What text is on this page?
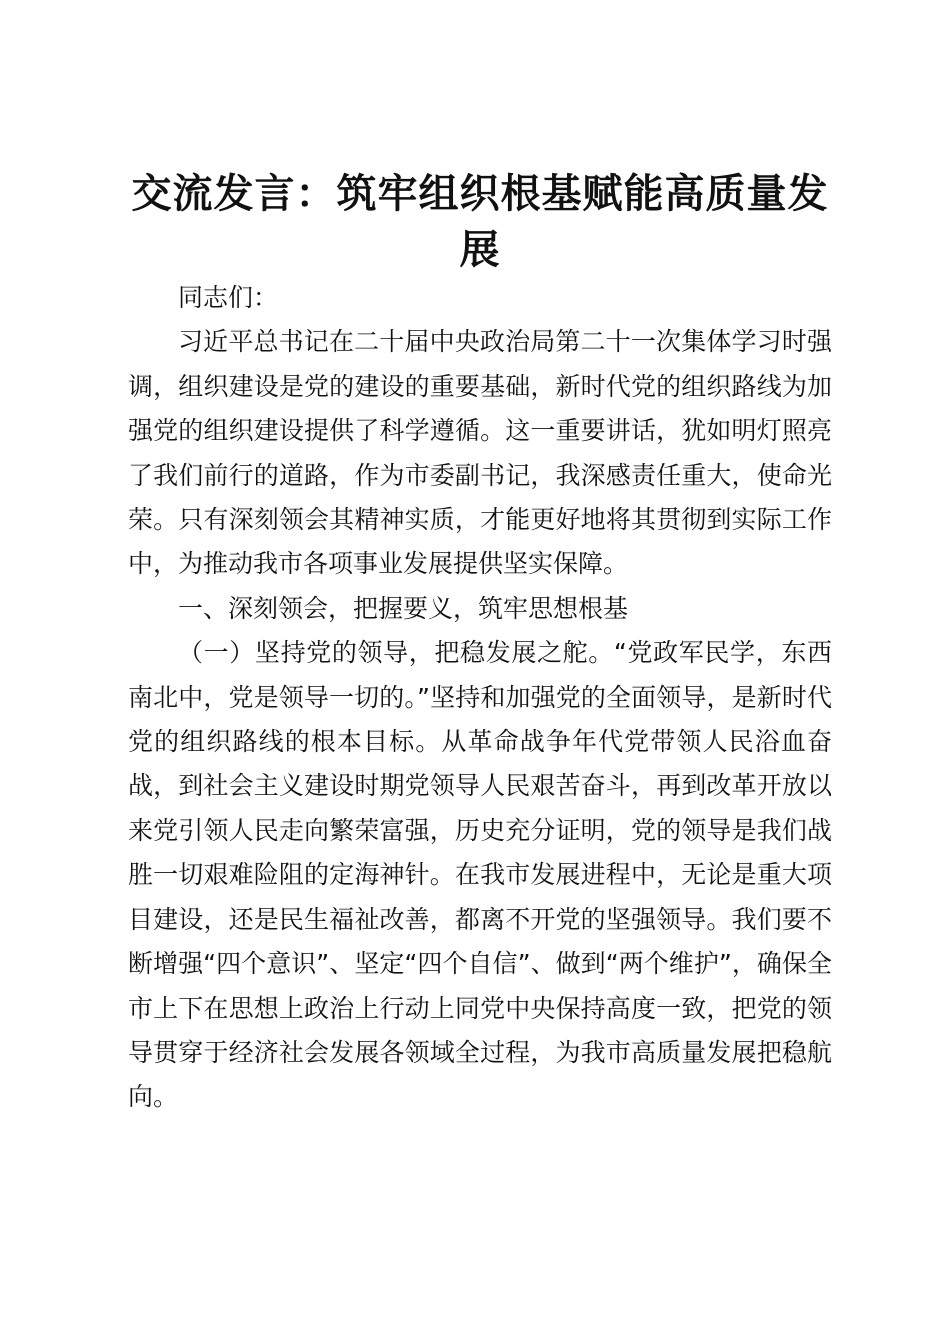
交流发言：筑牢组织根基赋能高质量发展

同志们：

习近平总书记在二十届中央政治局第二十一次集体学习时强调，组织建设是党的建设的重要基础，新时代党的组织路线为加强党的组织建设提供了科学遵循。这一重要讲话，犹如明灯照亮了我们前行的道路，作为市委副书记，我深感责任重大，使命光荣。只有深刻领会其精神实质，才能更好地将其贯彻到实际工作中，为推动我市各项事业发展提供坚实保障。

一、深刻领会，把握要义，筑牢思想根基

（一）坚持党的领导，把稳发展之舵。“党政军民学，东西南北中，党是领导一切的。”坚持和加强党的全面领导，是新时代党的组织路线的根本目标。从革命战争年代党带领人民浴血奋战，到社会主义建设时期党领导人民艰苦奋斗，再到改革开放以来党引领人民走向繁荣富强，历史充分证明，党的领导是我们战胜一切艰难险阻的定海神针。在我市发展进程中，无论是重大项目建设，还是民生福祉改善，都离不开党的坚强领导。我们要不断增强“四个意识”、坚定“四个自信”、做到“两个维护”，确保全市上下在思想上政治上行动上同党中央保持高度一致，把党的领导贯穿于经济社会发展各领域全过程，为我市高质量发展把稳航向。
